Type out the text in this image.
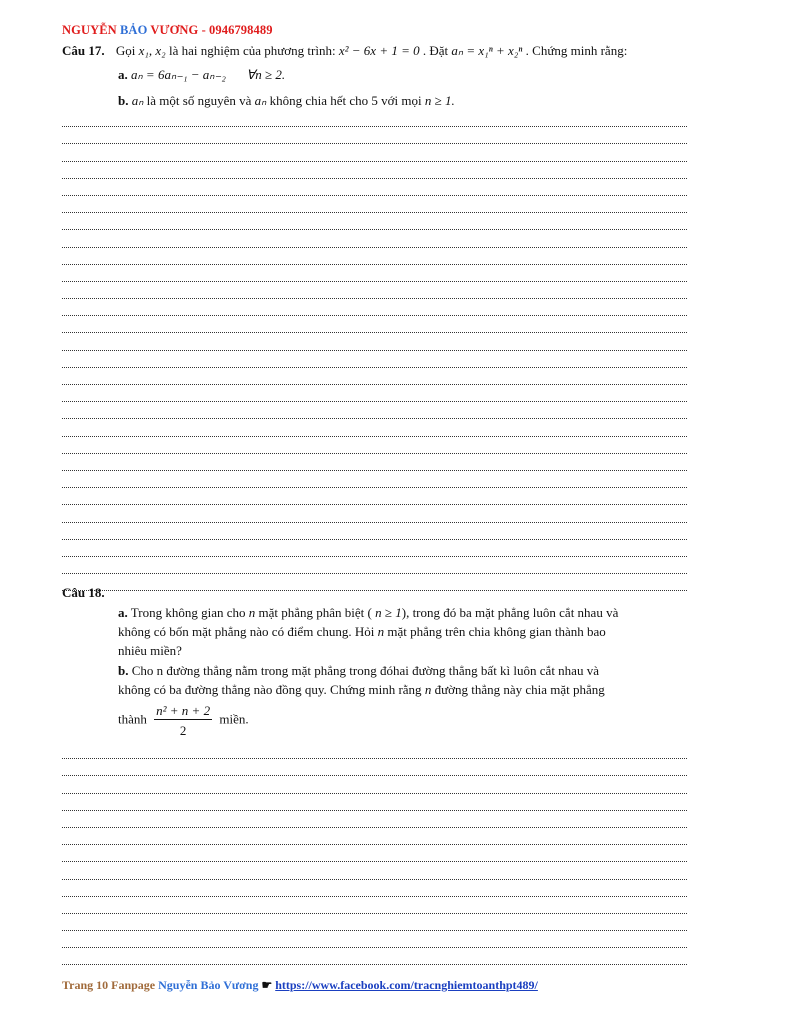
NGUYỄN BẢO VƯƠNG - 0946798489
Câu 17. Gọi x₁, x₂ là hai nghiệm của phương trình: x² − 6x + 1 = 0 . Đặt aₙ = x₁ⁿ + x₂ⁿ . Chứng minh rằng:
a. aₙ = 6aₙ₋₁ − aₙ₋₂ ∀n ≥ 2.
b. aₙ là một số nguyên và aₙ không chia hết cho 5 với mọi n ≥ 1.
Câu 18.
a. Trong không gian cho n mặt phẳng phân biệt ( n ≥ 1), trong đó ba mặt phẳng luôn cắt nhau và
không có bốn mặt phẳng nào có điểm chung. Hỏi n mặt phẳng trên chia không gian thành bao
nhiêu miền?
b. Cho n đường thẳng nằm trong mặt phẳng trong đóhai đường thẳng bất kì luôn cắt nhau và
không có ba đường thẳng nào đồng quy. Chứng minh rằng n đường thẳng này chia mặt phẳng
thành $\frac{\text{n² + n + 2}}{2}$ miền.
Trang 10 Fanpage Nguyễn Bảo Vương ☛ https://www.facebook.com/tracnghiemtoanthpt489/
